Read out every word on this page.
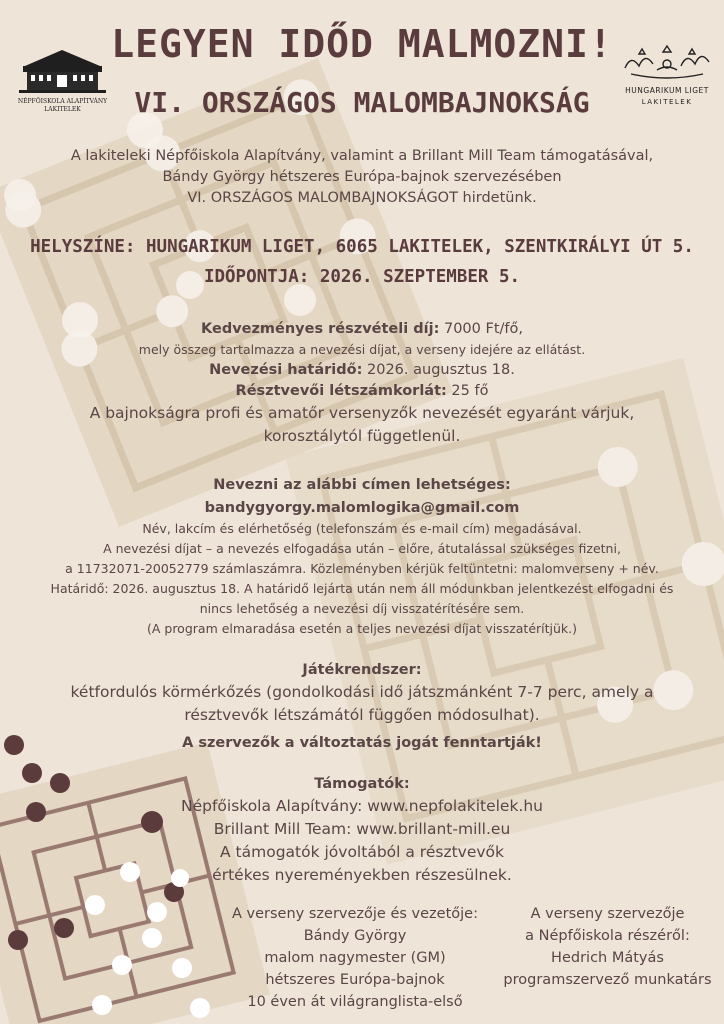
NÉPFŐISKOLA ALAPÍTVÁNY
LAKITELEK
HUNGARIKUM LIGET
LAKITELEK
LEGYEN IDŐD MALMOZNI!
VI. ORSZÁGOS MALOMBAJNOKSÁG
A lakiteleki Népfőiskola Alapítvány, valamint a Brillant Mill Team támogatásával,
Bándy György hétszeres Európa-bajnok szervezésében
VI. ORSZÁGOS MALOMBAJNOKSÁGOT hirdetünk.
HELYSZÍNE: HUNGARIKUM LIGET, 6065 LAKITELEK, SZENTKIRÁLYI ÚT 5.
IDŐPONTJA: 2026. SZEPTEMBER 5.
Kedvezményes részvételi díj: 7000 Ft/fő,
mely összeg tartalmazza a nevezési díjat, a verseny idejére az ellátást.
Nevezési határidő: 2026. augusztus 18.
Résztvevői létszámkorlát: 25 fő
A bajnokságra profi és amatőr versenyzők nevezését egyaránt várjuk,
korosztálytól függetlenül.
Nevezni az alábbi címen lehetséges:
bandygyorgy.malomlogika@gmail.com
Név, lakcím és elérhetőség (telefonszám és e-mail cím) megadásával.
A nevezési díjat – a nevezés elfogadása után – előre, átutalással szükséges fizetni,
a 11732071-20052779 számlaszámra. Közleményben kérjük feltüntetni: malomverseny + név.
Határidő: 2026. augusztus 18. A határidő lejárta után nem áll módunkban jelentkezést elfogadni és
nincs lehetőség a nevezési díj visszatérítésére sem.
(A program elmaradása esetén a teljes nevezési díjat visszatérítjük.)
Játékrendszer:
kétfordulós körmérkőzés (gondolkodási idő játszmánként 7-7 perc, amely a
résztvevők létszámától függően módosulhat).
A szervezők a változtatás jogát fenntartják!
Támogatók:
Népfőiskola Alapítvány: www.nepfolakitelek.hu
Brillant Mill Team: www.brillant-mill.eu
A támogatók jóvoltából a résztvevők
értékes nyereményekben részesülnek.
A verseny szervezője és vezetője:
Bándy György
malom nagymester (GM)
hétszeres Európa-bajnok
10 éven át világranglista-első
A verseny szervezője
a Népfőiskola részéről:
Hedrich Mátyás
programszervező munkatárs
